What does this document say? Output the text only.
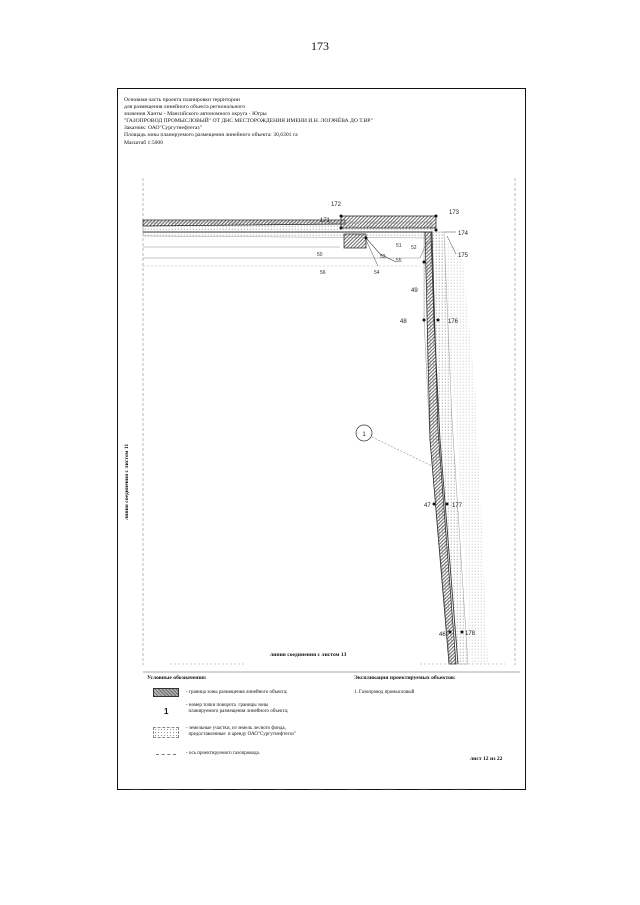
173
Основная часть проекта планировки территории
для размещения линейного объекта регионального
значения Ханты - Мансийского автономного округа - Югры
"ГАЗОПРОВОД ПРОМЫСЛОВЫЙ" ОТ ДНС МЕСТОРОЖДЕНИЯ ИМЕНИ И.Н. ЛОГАЧЁВА ДО Т.ВР."
Заказчик: ОАО"Сургутнефтегаз"
Площадь зоны планируемого размещения линейного объекта: 30,6301 га
Масштаб 1:5000
1
172
171
173
174
175
176
177
178
49
48
47
46
50
51 52
53
54
55
56
линия соединения с листом 11
линия соединения с листом 13
Условные обозначения:
- граница зоны размещения линейного объекта;
1
- номер точки поворота  границы зоны
планируемого размещения линейного объекта;
- земельные участки, из земель лесного фонда,
предоставленные  в аренду ОАО"Сургутнефтегаз"
- ось проектируемого газопровода.
Экспликация проектируемых объектов:
1. Газопровод промысловый
лист 12 из 22
